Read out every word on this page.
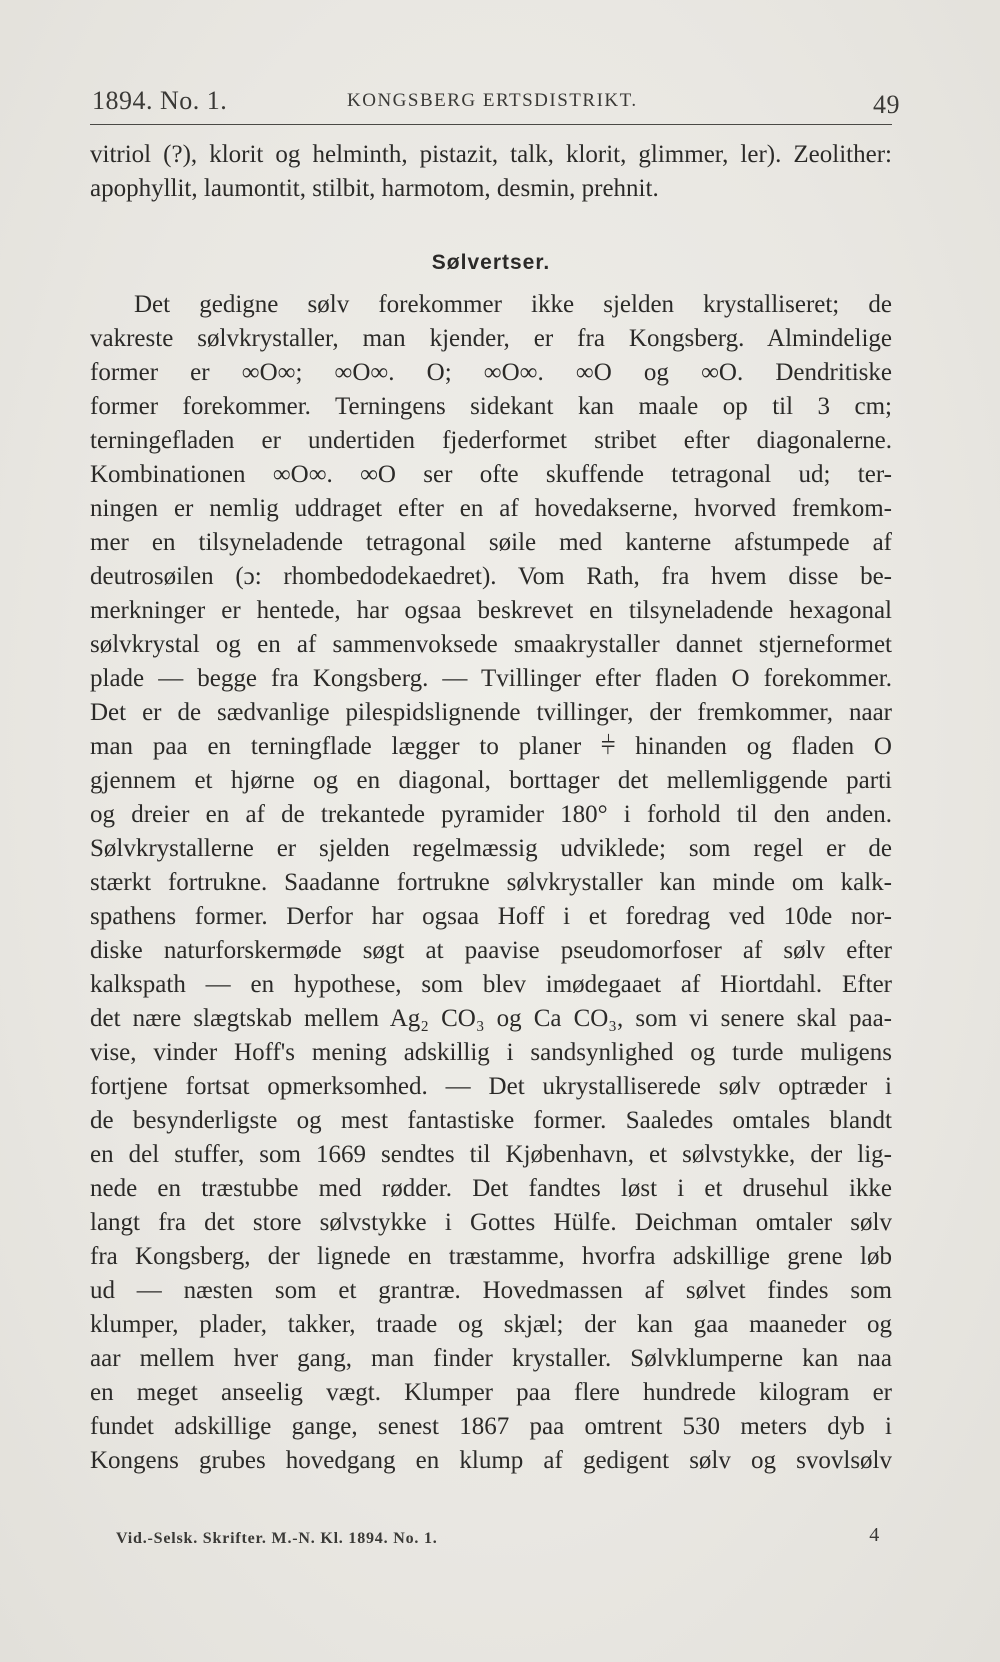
1894. No. 1.	KONGSBERG ERTSDISTRIKT.	49
vitriol (?), klorit og helminth, pistazit, talk, klorit, glimmer, ler). Zeolither:
apophyllit, laumontit, stilbit, harmotom, desmin, prehnit.
Sølvertser.
Det gedigne sølv forekommer ikke sjelden krystalliseret; de
vakreste sølvkrystaller, man kjender, er fra Kongsberg. Almindelige
former er ∞O∞; ∞O∞. O; ∞O∞. ∞O og ∞O. Dendritiske
former forekommer. Terningens sidekant kan maale op til 3 cm;
terningefladen er undertiden fjederformet stribet efter diagonalerne.
Kombinationen ∞O∞. ∞O ser ofte skuffende tetragonal ud; ter-
ningen er nemlig uddraget efter en af hovedakserne, hvorved fremkom-
mer en tilsyneladende tetragonal søile med kanterne afstumpede af
deutrosøilen (ɔ: rhombedodekaedret). Vom Rath, fra hvem disse be-
merkninger er hentede, har ogsaa beskrevet en tilsyneladende hexagonal
sølvkrystal og en af sammenvoksede smaakrystaller dannet stjerneformet
plade — begge fra Kongsberg. — Tvillinger efter fladen O forekommer.
Det er de sædvanlige pilespidslignende tvillinger, der fremkommer, naar
man paa en terningflade lægger to planer ⫩ hinanden og fladen O
gjennem et hjørne og en diagonal, borttager det mellemliggende parti
og dreier en af de trekantede pyramider 180° i forhold til den anden.
Sølvkrystallerne er sjelden regelmæssig udviklede; som regel er de
stærkt fortrukne. Saadanne fortrukne sølvkrystaller kan minde om kalk-
spathens former. Derfor har ogsaa Hoff i et foredrag ved 10de nor-
diske naturforskermøde søgt at paavise pseudomorfoser af sølv efter
kalkspath — en hypothese, som blev imødegaaet af Hiortdahl. Efter
det nære slægtskab mellem Ag₂ CO₃ og Ca CO₃, som vi senere skal paa-
vise, vinder Hoff's mening adskillig i sandsynlighed og turde muligens
fortjene fortsat opmerksomhed. — Det ukrystalliserede sølv optræder i
de besynderligste og mest fantastiske former. Saaledes omtales blandt
en del stuffer, som 1669 sendtes til Kjøbenhavn, et sølvstykke, der lig-
nede en træstubbe med rødder. Det fandtes løst i et drusehul ikke
langt fra det store sølvstykke i Gottes Hülfe. Deichman omtaler sølv
fra Kongsberg, der lignede en træstamme, hvorfra adskillige grene løb
ud — næsten som et grantræ. Hovedmassen af sølvet findes som
klumper, plader, takker, traade og skjæl; der kan gaa maaneder og
aar mellem hver gang, man finder krystaller. Sølvklumperne kan naa
en meget anseelig vægt. Klumper paa flere hundrede kilogram er
fundet adskillige gange, senest 1867 paa omtrent 530 meters dyb i
Kongens grubes hovedgang en klump af gedigent sølv og svovlsølv
Vid.-Selsk. Skrifter. M.-N. Kl. 1894. No. 1.	4
